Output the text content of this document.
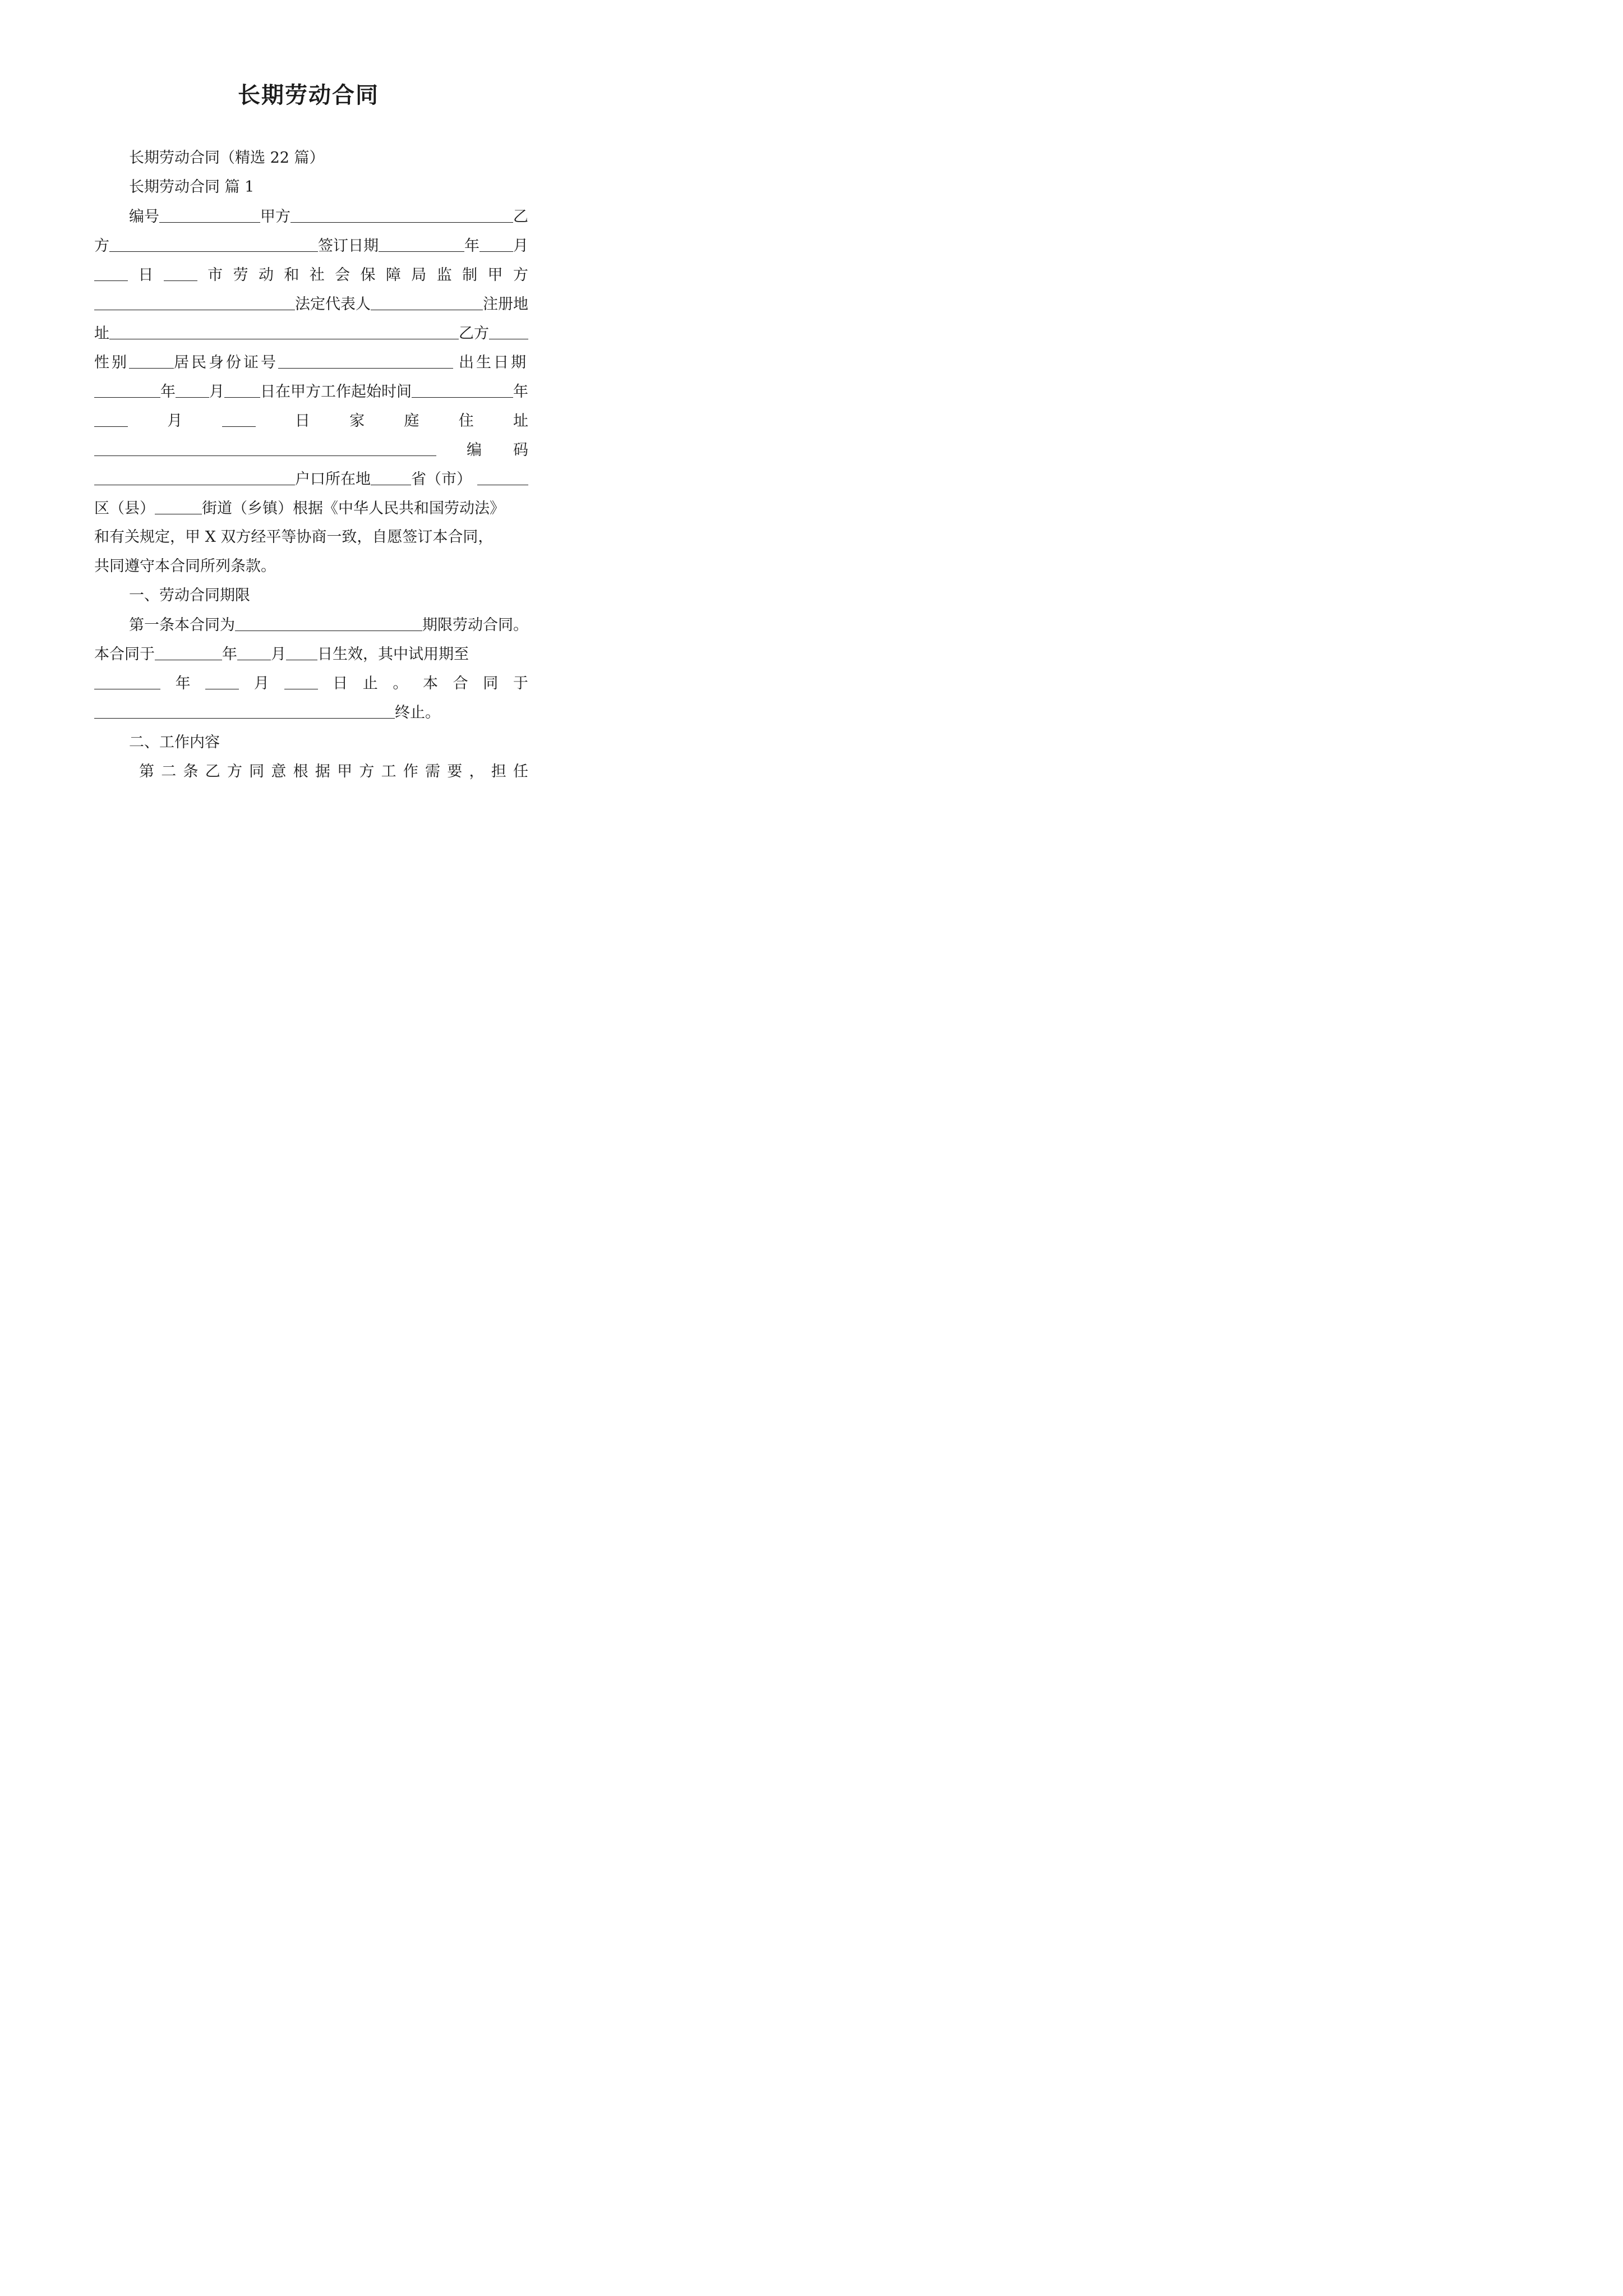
长期劳动合同
长期劳动合同（精选 22 篇）
长期劳动合同 篇 1
编号	甲方	乙
方	签订日期	年 月
日	市 劳 动 和 社 会 保 障 局 监 制 甲 方
法定代表人	注册地
址	乙方
性别	居民身份证号	出生日期
年 月 日在甲方工作起始时间	年
月	日	家	庭	住	址
编 码
户口所在地	省（市）
区（县）	街道（乡镇）根据《中华人民共和国劳动法》
和有关规定，甲 X 双方经平等协商一致，自愿签订本合同，
共同遵守本合同所列条款。
一、劳动合同期限
第一条本合同为	期限劳动合同。
本合同于	年 月 日生效，其中试用期至
年	月	日 止 。 本 合 同 于
终止。
二、工作内容
第 二 条 乙 方 同 意 根 据 甲 方 工 作 需 要 ， 担 任
